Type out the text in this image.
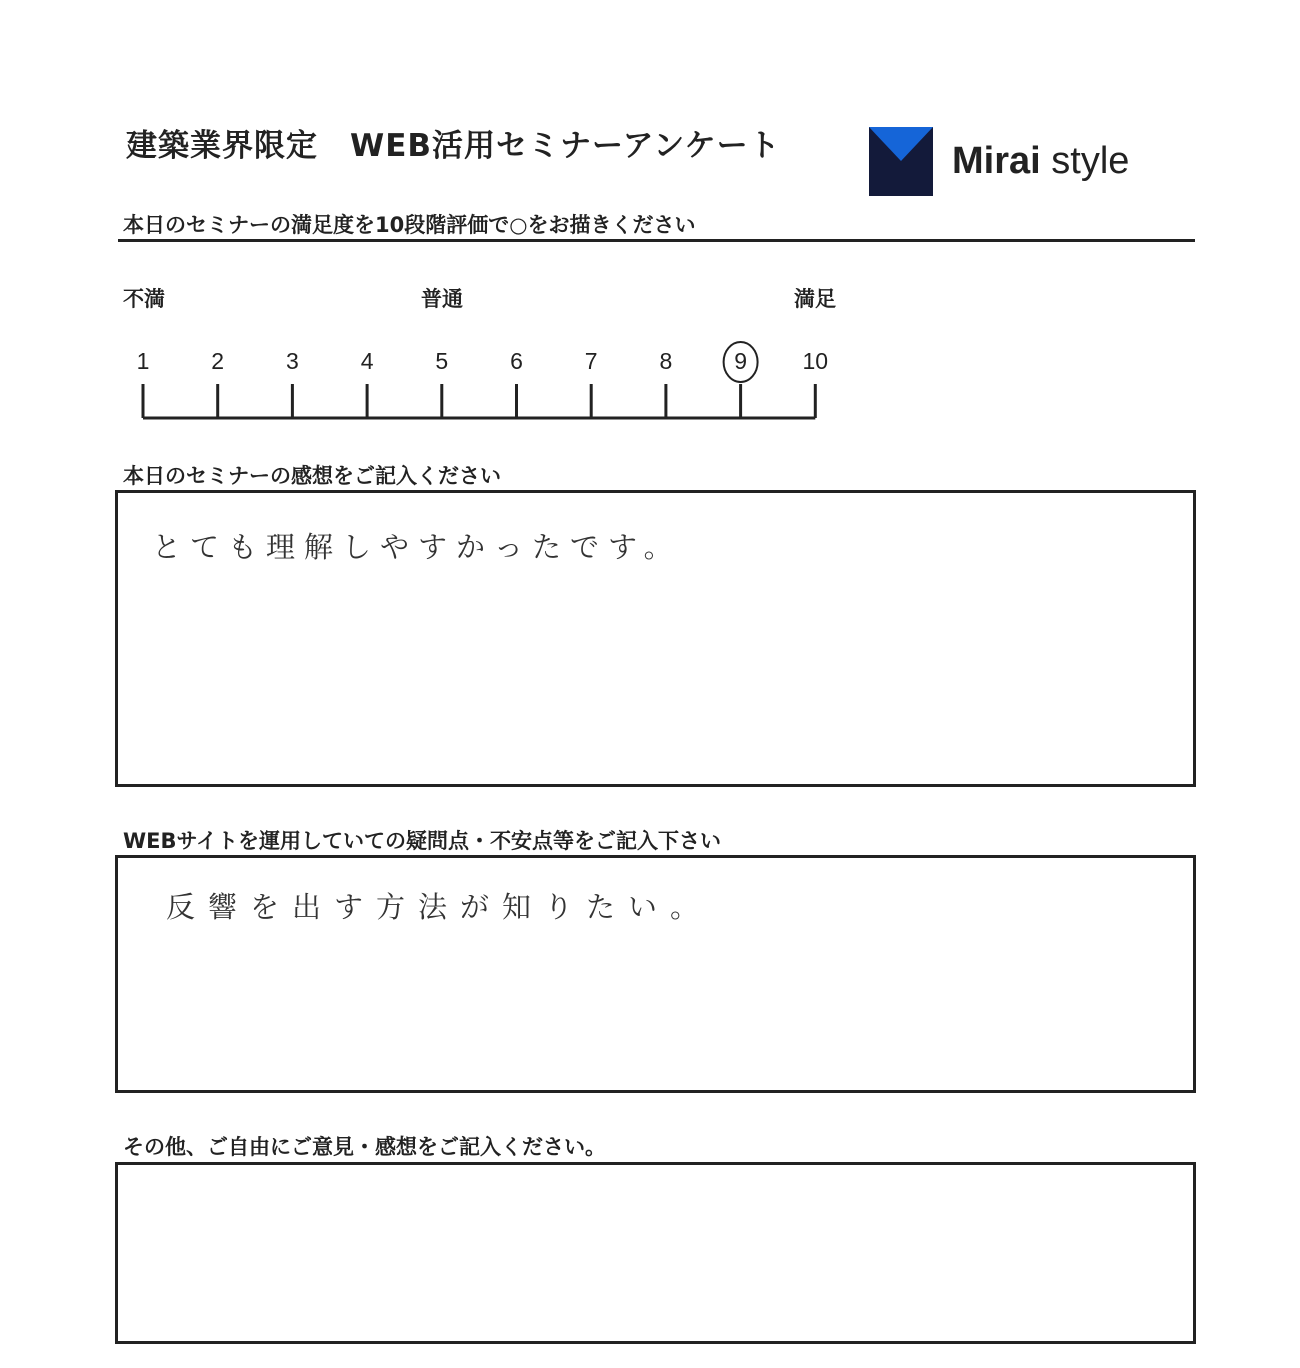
建築業界限定　WEB活用セミナーアンケート	Mirai style
本日のセミナーの満足度を10段階評価で○をお描きください
不満	普通	満足
1	2	3	4	5	6	7	8	9	10
本日のセミナーの感想をご記入ください
とても理解しやすかったです。
WEBサイトを運用していての疑問点・不安点等をご記入下さい
反響を出す方法が知りたい。
その他、ご自由にご意見・感想をご記入ください。
